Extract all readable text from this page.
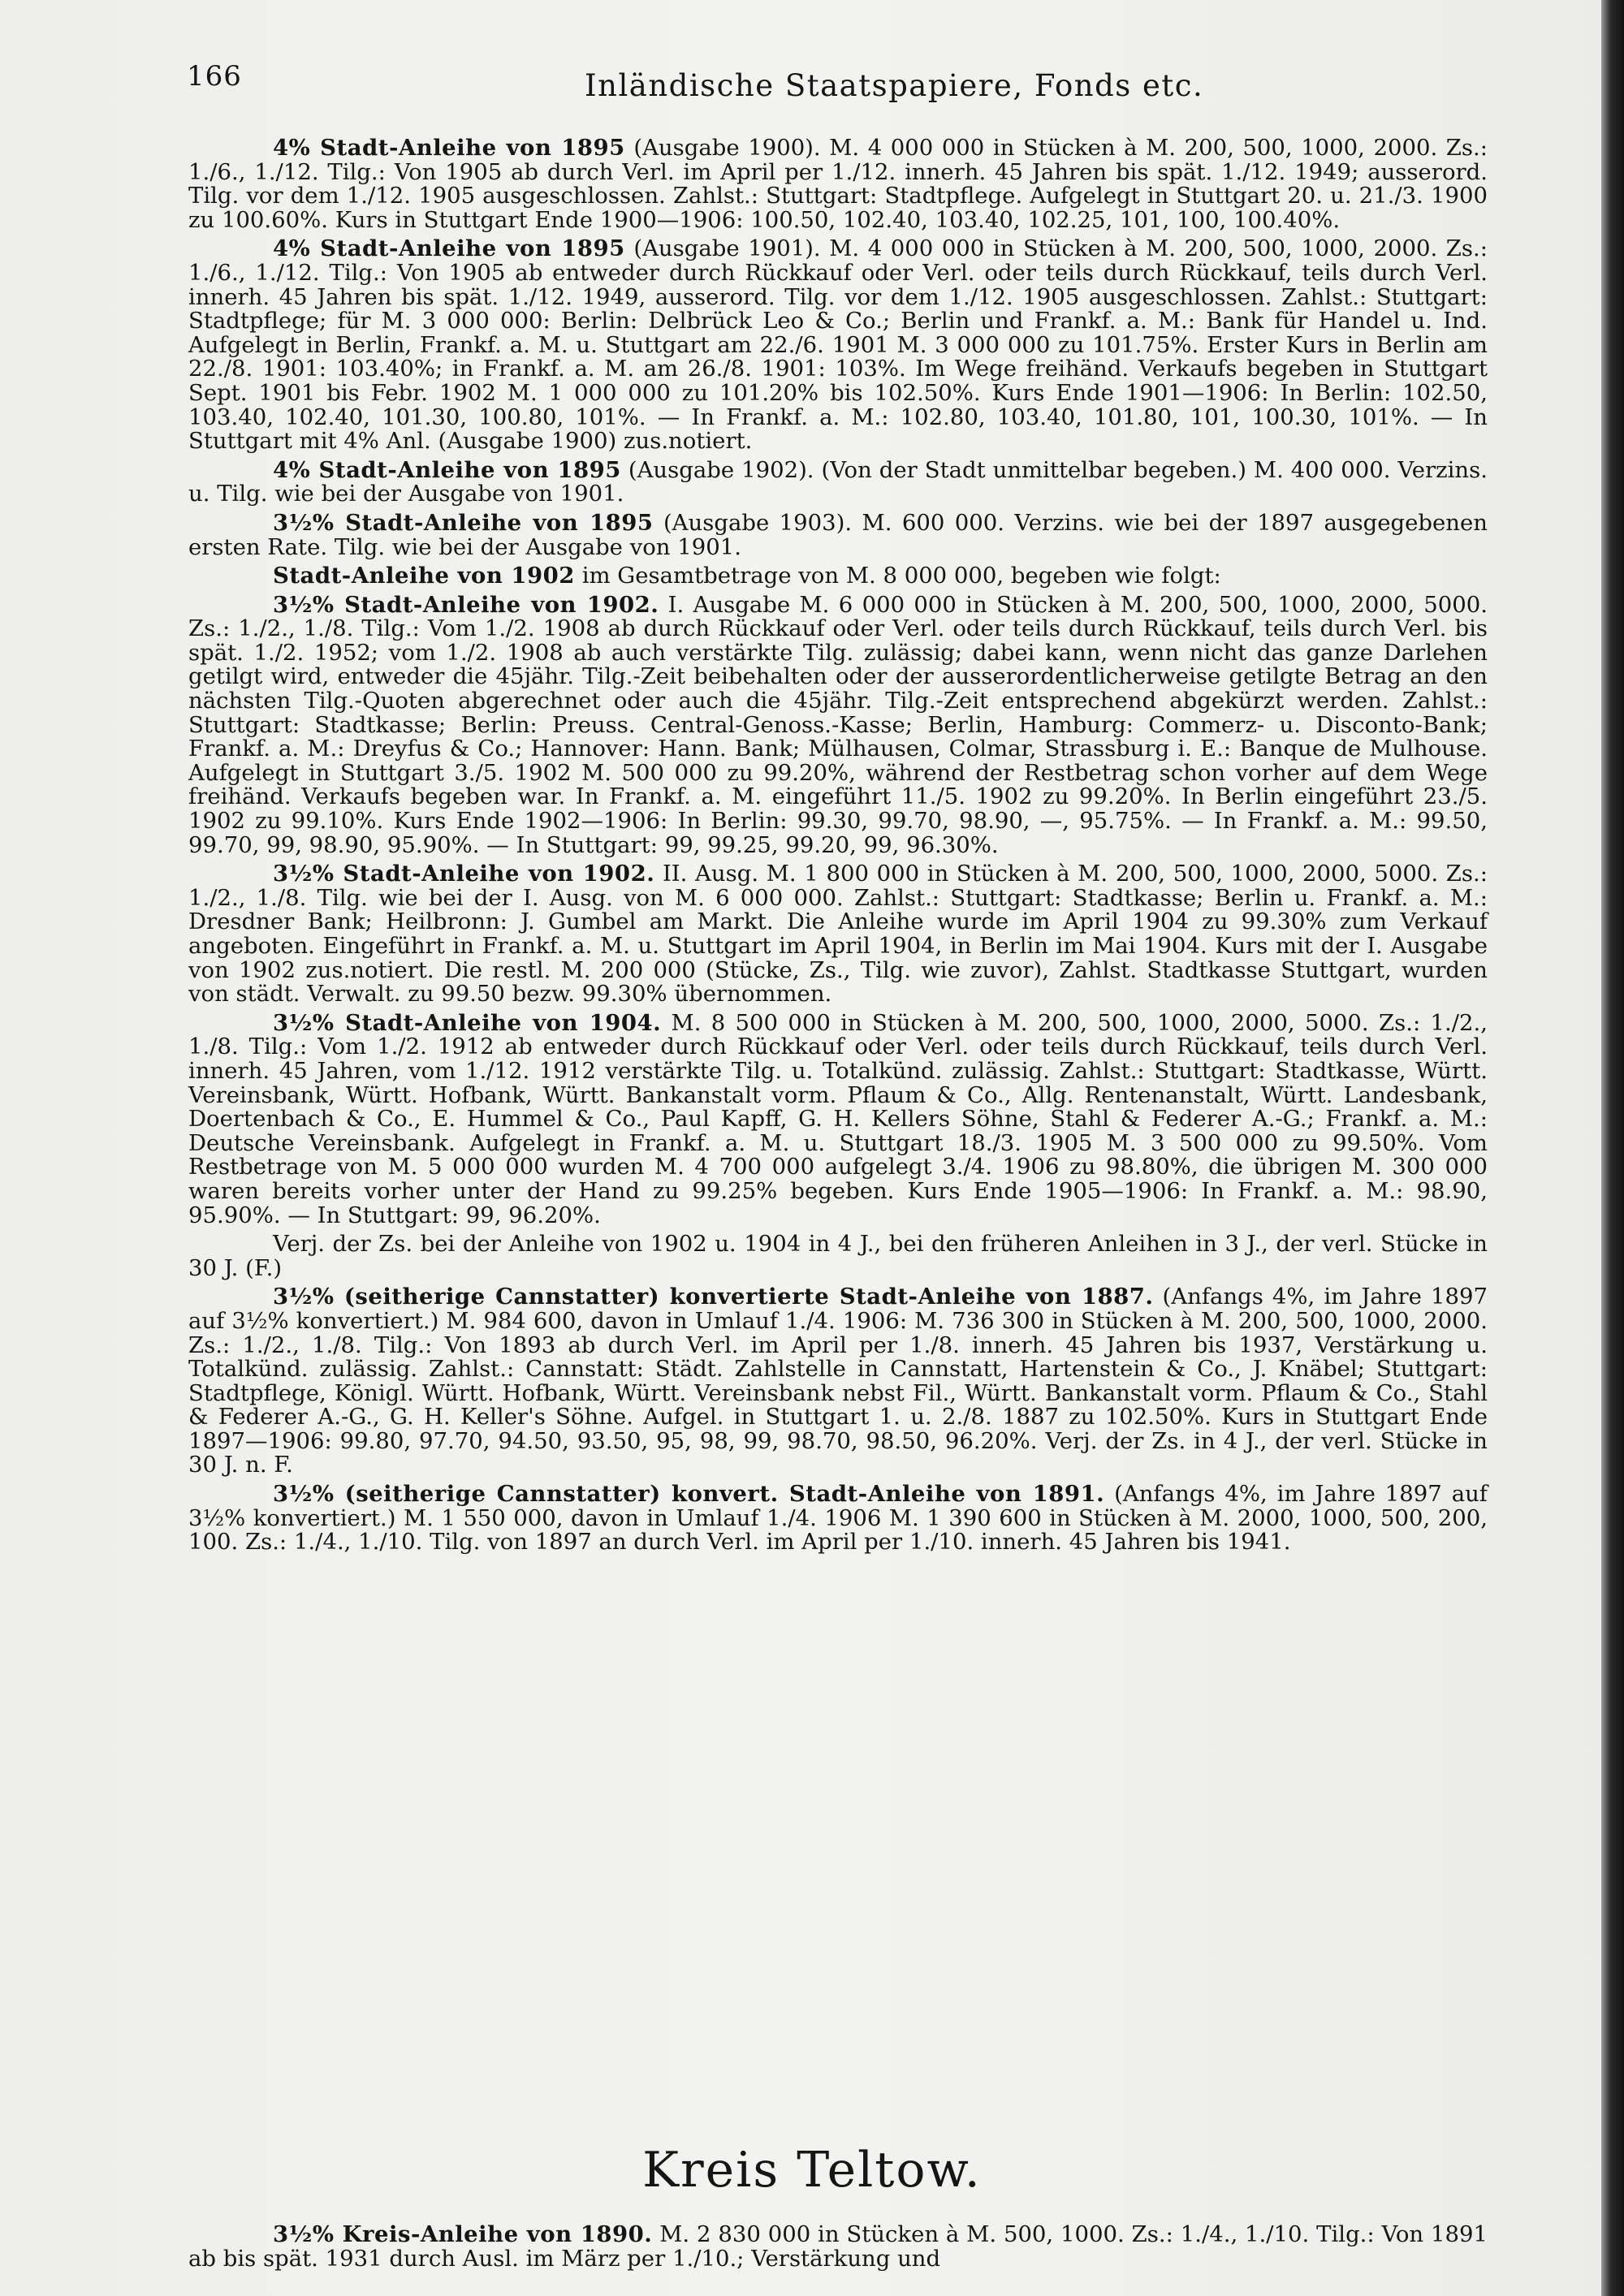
166	Inländische Staatspapiere, Fonds etc.

4% Stadt-Anleihe von 1895 (Ausgabe 1900). M. 4 000 000 in Stücken à M. 200, 500, 1000, 2000. Zs.: 1./6., 1./12. Tilg.: Von 1905 ab durch Verl. im April per 1./12. innerh. 45 Jahren bis spät. 1./12. 1949; ausserord. Tilg. vor dem 1./12. 1905 ausgeschlossen. Zahlst.: Stuttgart: Stadtpflege. Aufgelegt in Stuttgart 20. u. 21./3. 1900 zu 100.60%. Kurs in Stuttgart Ende 1900—1906: 100.50, 102.40, 103.40, 102.25, 101, 100, 100.40%.

4% Stadt-Anleihe von 1895 (Ausgabe 1901). M. 4 000 000 in Stücken à M. 200, 500, 1000, 2000. Zs.: 1./6., 1./12. Tilg.: Von 1905 ab entweder durch Rückkauf oder Verl. oder teils durch Rückkauf, teils durch Verl. innerh. 45 Jahren bis spät. 1./12. 1949, ausserord. Tilg. vor dem 1./12. 1905 ausgeschlossen. Zahlst.: Stuttgart: Stadtpflege; für M. 3 000 000: Berlin: Delbrück Leo & Co.; Berlin und Frankf. a. M.: Bank für Handel u. Ind. Aufgelegt in Berlin, Frankf. a. M. u. Stuttgart am 22./6. 1901 M. 3 000 000 zu 101.75%. Erster Kurs in Berlin am 22./8. 1901: 103.40%; in Frankf. a. M. am 26./8. 1901: 103%. Im Wege freihänd. Verkaufs begeben in Stuttgart Sept. 1901 bis Febr. 1902 M. 1 000 000 zu 101.20% bis 102.50%. Kurs Ende 1901—1906: In Berlin: 102.50, 103.40, 102.40, 101.30, 100.80, 101%. — In Frankf. a. M.: 102.80, 103.40, 101.80, 101, 100.30, 101%. — In Stuttgart mit 4% Anl. (Ausgabe 1900) zus.notiert.

4% Stadt-Anleihe von 1895 (Ausgabe 1902). (Von der Stadt unmittelbar begeben.) M. 400 000. Verzins. u. Tilg. wie bei der Ausgabe von 1901.

3½% Stadt-Anleihe von 1895 (Ausgabe 1903). M. 600 000. Verzins. wie bei der 1897 ausgegebenen ersten Rate. Tilg. wie bei der Ausgabe von 1901.

Stadt-Anleihe von 1902 im Gesamtbetrage von M. 8 000 000, begeben wie folgt:

3½% Stadt-Anleihe von 1902. I. Ausgabe M. 6 000 000 in Stücken à M. 200, 500, 1000, 2000, 5000. Zs.: 1./2., 1./8. Tilg.: Vom 1./2. 1908 ab durch Rückkauf oder Verl. oder teils durch Rückkauf, teils durch Verl. bis spät. 1./2. 1952; vom 1./2. 1908 ab auch verstärkte Tilg. zulässig; dabei kann, wenn nicht das ganze Darlehen getilgt wird, entweder die 45jähr. Tilg.-Zeit beibehalten oder der ausserordentlicherweise getilgte Betrag an den nächsten Tilg.-Quoten abgerechnet oder auch die 45jähr. Tilg.-Zeit entsprechend abgekürzt werden. Zahlst.: Stuttgart: Stadtkasse; Berlin: Preuss. Central-Genoss.-Kasse; Berlin, Hamburg: Commerz- u. Disconto-Bank; Frankf. a. M.: Dreyfus & Co.; Hannover: Hann. Bank; Mülhausen, Colmar, Strassburg i. E.: Banque de Mulhouse. Aufgelegt in Stuttgart 3./5. 1902 M. 500 000 zu 99.20%, während der Restbetrag schon vorher auf dem Wege freihänd. Verkaufs begeben war. In Frankf. a. M. eingeführt 11./5. 1902 zu 99.20%. In Berlin eingeführt 23./5. 1902 zu 99.10%. Kurs Ende 1902—1906: In Berlin: 99.30, 99.70, 98.90, —, 95.75%. — In Frankf. a. M.: 99.50, 99.70, 99, 98.90, 95.90%. — In Stuttgart: 99, 99.25, 99.20, 99, 96.30%.

3½% Stadt-Anleihe von 1902. II. Ausg. M. 1 800 000 in Stücken à M. 200, 500, 1000, 2000, 5000. Zs.: 1./2., 1./8. Tilg. wie bei der I. Ausg. von M. 6 000 000. Zahlst.: Stuttgart: Stadtkasse; Berlin u. Frankf. a. M.: Dresdner Bank; Heilbronn: J. Gumbel am Markt. Die Anleihe wurde im April 1904 zu 99.30% zum Verkauf angeboten. Eingeführt in Frankf. a. M. u. Stuttgart im April 1904, in Berlin im Mai 1904. Kurs mit der I. Ausgabe von 1902 zus.notiert. Die restl. M. 200 000 (Stücke, Zs., Tilg. wie zuvor), Zahlst. Stadtkasse Stuttgart, wurden von städt. Verwalt. zu 99.50 bezw. 99.30% übernommen.

3½% Stadt-Anleihe von 1904. M. 8 500 000 in Stücken à M. 200, 500, 1000, 2000, 5000. Zs.: 1./2., 1./8. Tilg.: Vom 1./2. 1912 ab entweder durch Rückkauf oder Verl. oder teils durch Rückkauf, teils durch Verl. innerh. 45 Jahren, vom 1./12. 1912 verstärkte Tilg. u. Totalkünd. zulässig. Zahlst.: Stuttgart: Stadtkasse, Württ. Vereinsbank, Württ. Hofbank, Württ. Bankanstalt vorm. Pflaum & Co., Allg. Rentenanstalt, Württ. Landesbank, Doertenbach & Co., E. Hummel & Co., Paul Kapff, G. H. Kellers Söhne, Stahl & Federer A.-G.; Frankf. a. M.: Deutsche Vereinsbank. Aufgelegt in Frankf. a. M. u. Stuttgart 18./3. 1905 M. 3 500 000 zu 99.50%. Vom Restbetrage von M. 5 000 000 wurden M. 4 700 000 aufgelegt 3./4. 1906 zu 98.80%, die übrigen M. 300 000 waren bereits vorher unter der Hand zu 99.25% begeben. Kurs Ende 1905—1906: In Frankf. a. M.: 98.90, 95.90%. — In Stuttgart: 99, 96.20%.

Verj. der Zs. bei der Anleihe von 1902 u. 1904 in 4 J., bei den früheren Anleihen in 3 J., der verl. Stücke in 30 J. (F.)

3½% (seitherige Cannstatter) konvertierte Stadt-Anleihe von 1887. (Anfangs 4%, im Jahre 1897 auf 3½% konvertiert.) M. 984 600, davon in Umlauf 1./4. 1906: M. 736 300 in Stücken à M. 200, 500, 1000, 2000. Zs.: 1./2., 1./8. Tilg.: Von 1893 ab durch Verl. im April per 1./8. innerh. 45 Jahren bis 1937, Verstärkung u. Totalkünd. zulässig. Zahlst.: Cannstatt: Städt. Zahlstelle in Cannstatt, Hartenstein & Co., J. Knäbel; Stuttgart: Stadtpflege, Königl. Württ. Hofbank, Württ. Vereinsbank nebst Fil., Württ. Bankanstalt vorm. Pflaum & Co., Stahl & Federer A.-G., G. H. Keller's Söhne. Aufgel. in Stuttgart 1. u. 2./8. 1887 zu 102.50%. Kurs in Stuttgart Ende 1897—1906: 99.80, 97.70, 94.50, 93.50, 95, 98, 99, 98.70, 98.50, 96.20%. Verj. der Zs. in 4 J., der verl. Stücke in 30 J. n. F.

3½% (seitherige Cannstatter) konvert. Stadt-Anleihe von 1891. (Anfangs 4%, im Jahre 1897 auf 3½% konvertiert.) M. 1 550 000, davon in Umlauf 1./4. 1906 M. 1 390 600 in Stücken à M. 2000, 1000, 500, 200, 100. Zs.: 1./4., 1./10. Tilg. von 1897 an durch Verl. im April per 1./10. innerh. 45 Jahren bis 1941.

Kreis Teltow.

3½% Kreis-Anleihe von 1890. M. 2 830 000 in Stücken à M. 500, 1000. Zs.: 1./4., 1./10. Tilg.: Von 1891 ab bis spät. 1931 durch Ausl. im März per 1./10.; Verstärkung und
